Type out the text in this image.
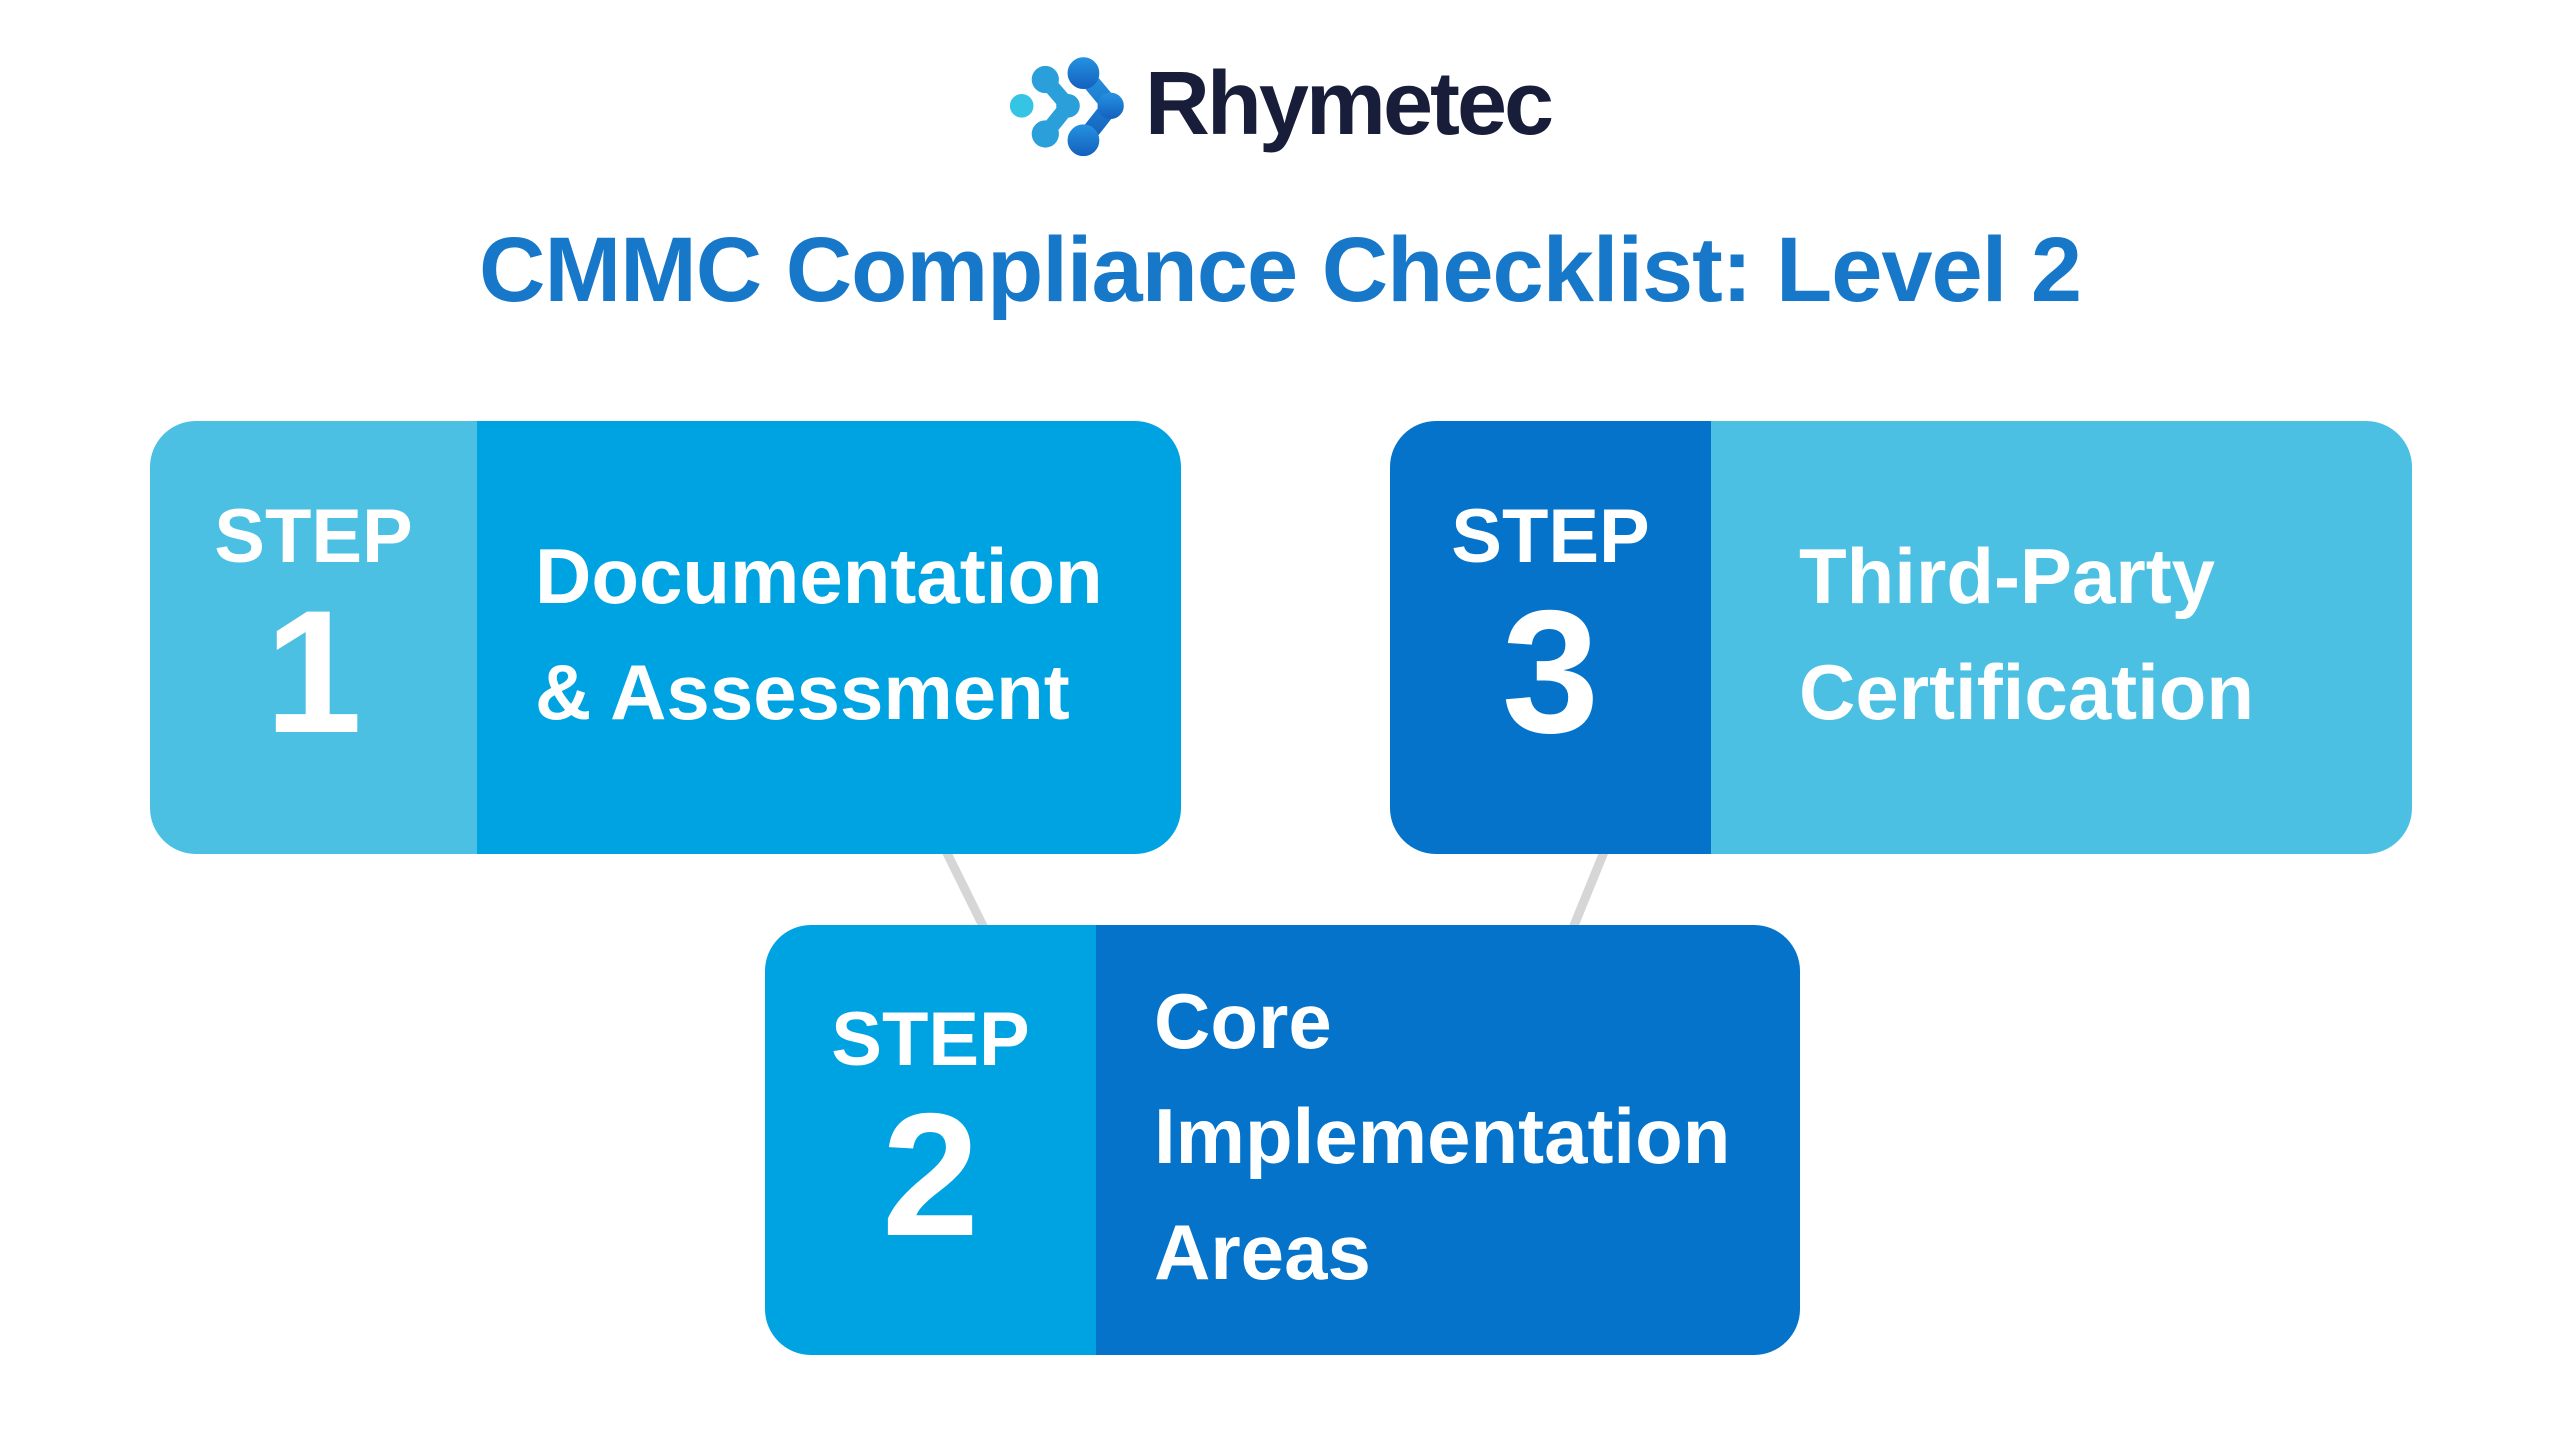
Rhymetec
CMMC Compliance Checklist: Level 2
STEP
1 Documentation
& Assessment
STEP
3	Third-Party
Certification
STEP
2
Core
Implementation
Areas
